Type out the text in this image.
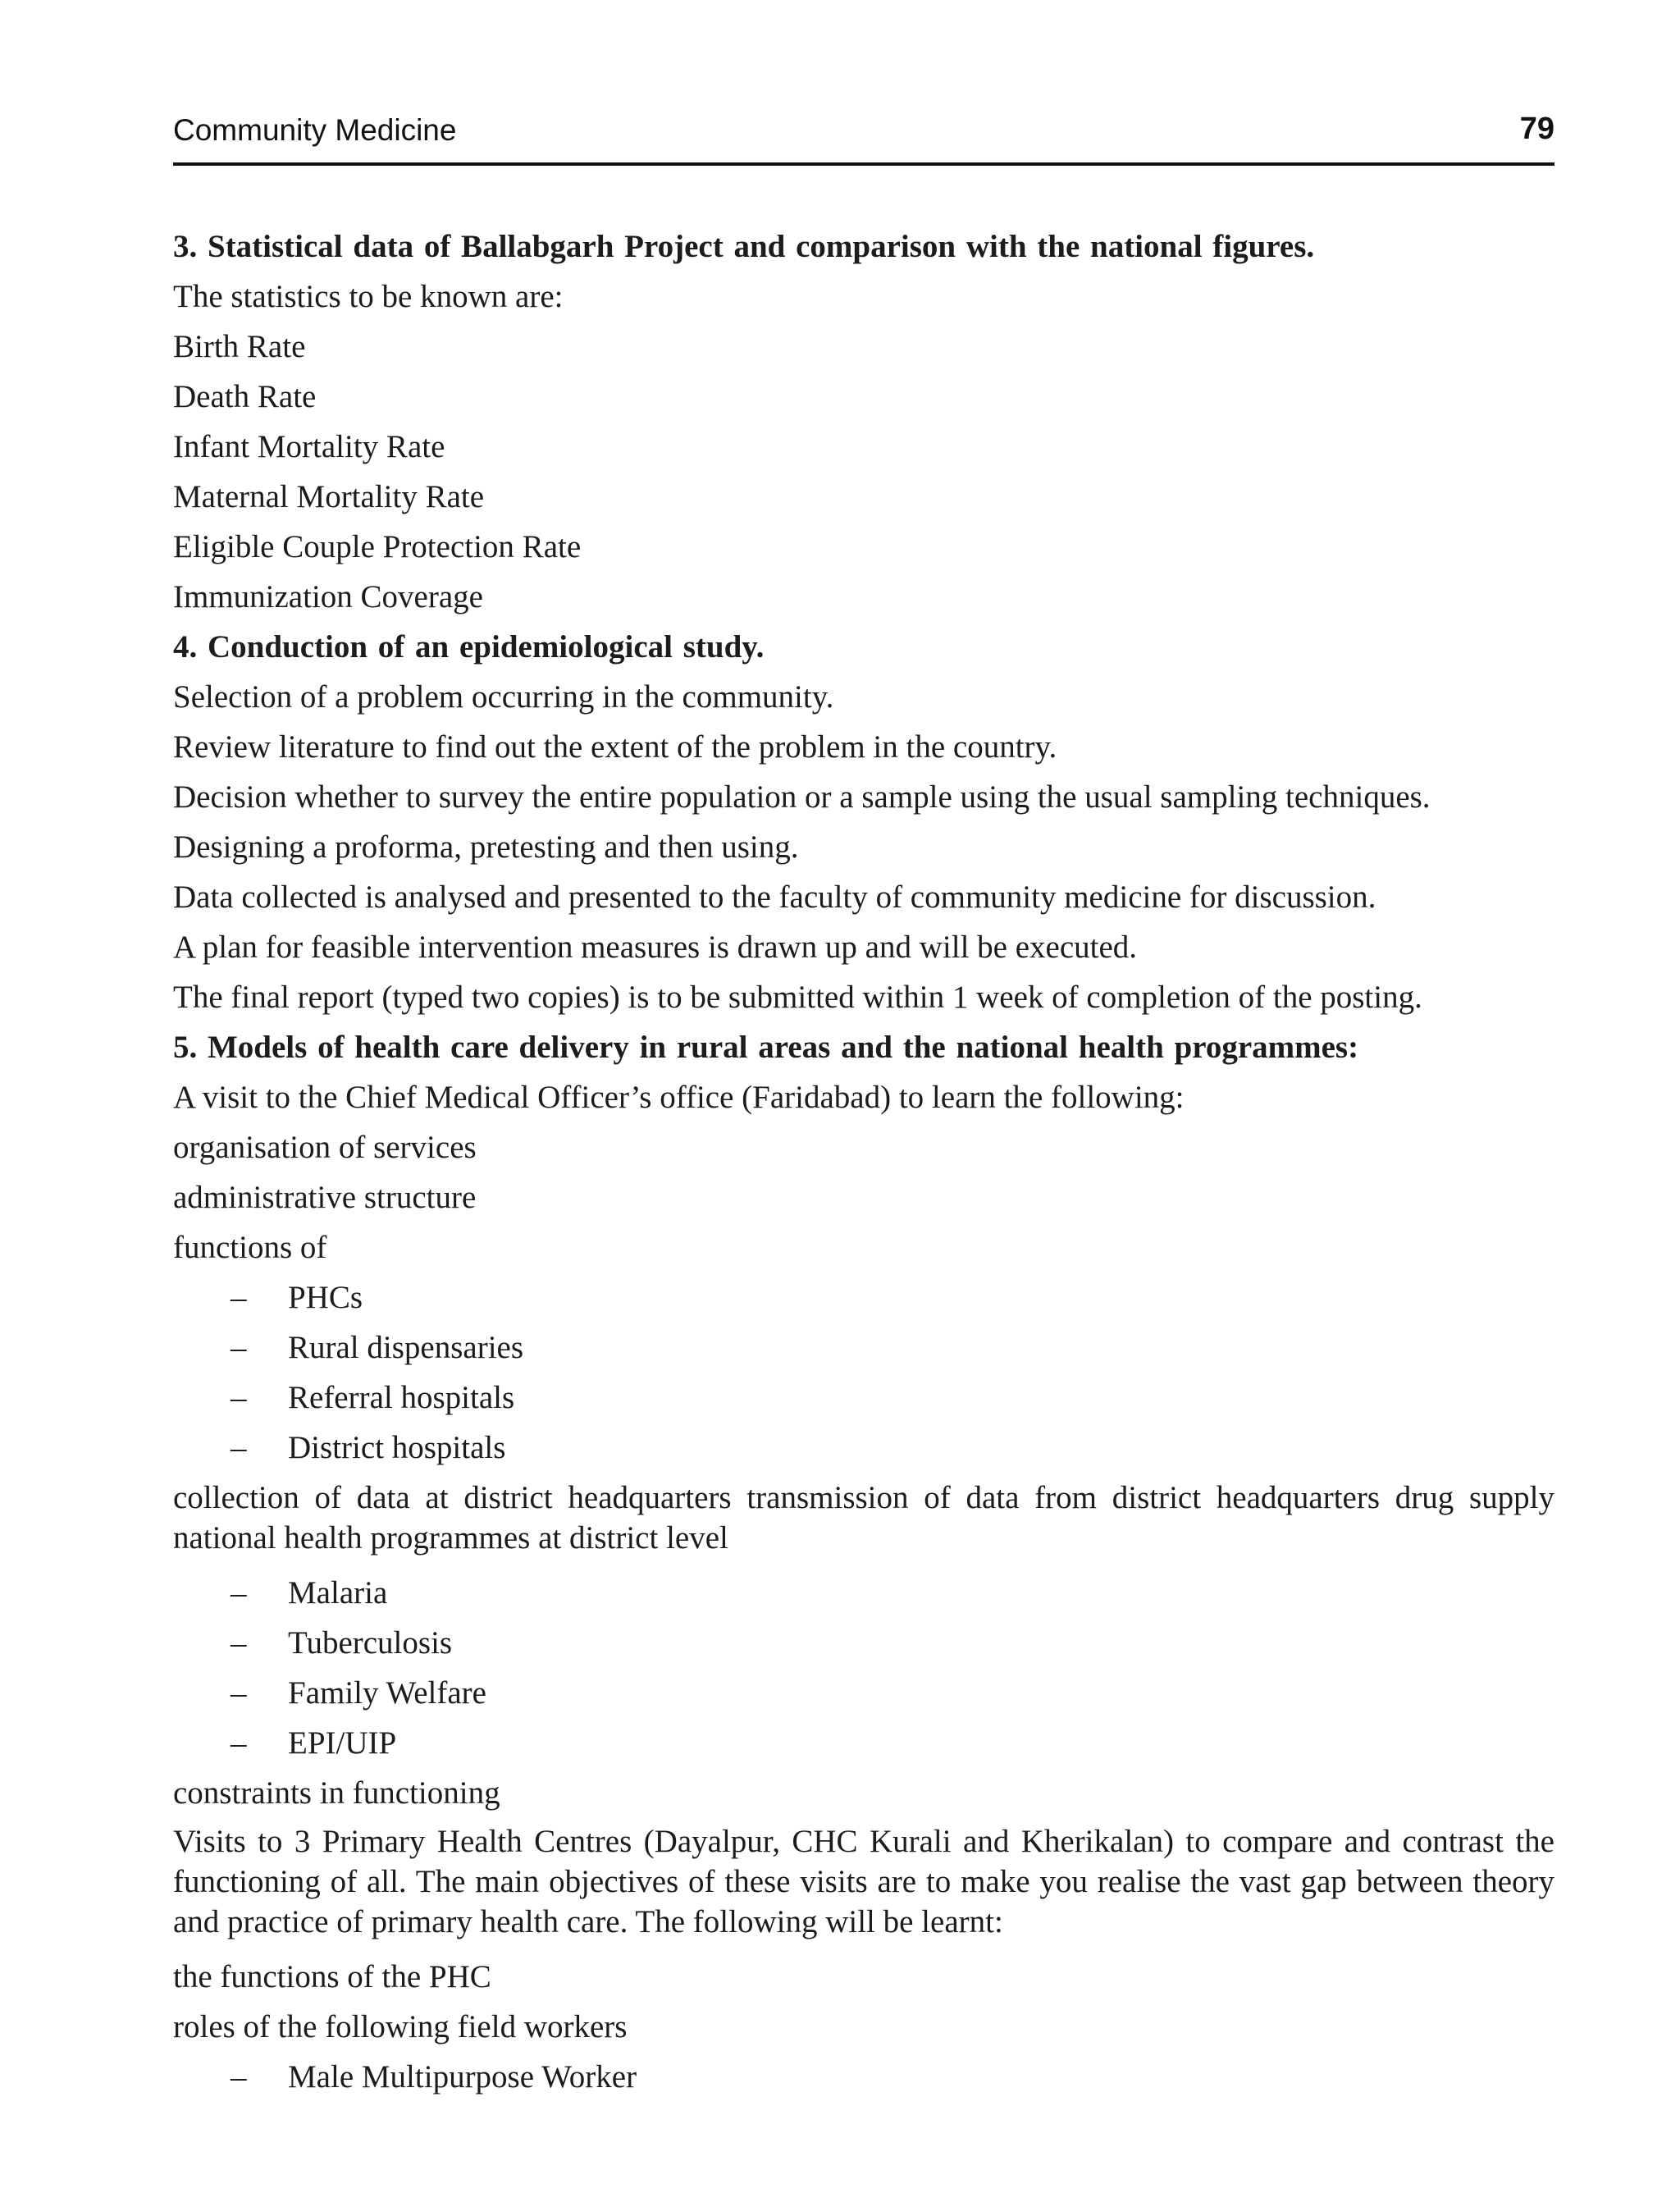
Community Medicine	79

3. Statistical data of Ballabgarh Project and comparison with the national figures.

The statistics to be known are:

Birth Rate

Death Rate

Infant Mortality Rate

Maternal Mortality Rate

Eligible Couple Protection Rate

Immunization Coverage

4. Conduction of an epidemiological study.

Selection of a problem occurring in the community.

Review literature to find out the extent of the problem in the country.

Decision whether to survey the entire population or a sample using the usual sampling techniques.

Designing a proforma, pretesting and then using.

Data collected is analysed and presented to the faculty of community medicine for discussion.

A plan for feasible intervention measures is drawn up and will be executed.

The final report (typed two copies) is to be submitted within 1 week of completion of the posting.

5. Models of health care delivery in rural areas and the national health programmes:

A visit to the Chief Medical Officer’s office (Faridabad) to learn the following:

organisation of services

administrative structure

functions of

– PHCs

– Rural dispensaries

– Referral hospitals

– District hospitals

collection of data at district headquarters transmission of data from district headquarters drug supply national health programmes at district level

– Malaria

– Tuberculosis

– Family Welfare

– EPI/UIP

constraints in functioning

Visits to 3 Primary Health Centres (Dayalpur, CHC Kurali and Kherikalan) to compare and contrast the functioning of all. The main objectives of these visits are to make you realise the vast gap between theory and practice of primary health care. The following will be learnt:

the functions of the PHC

roles of the following field workers

– Male Multipurpose Worker
